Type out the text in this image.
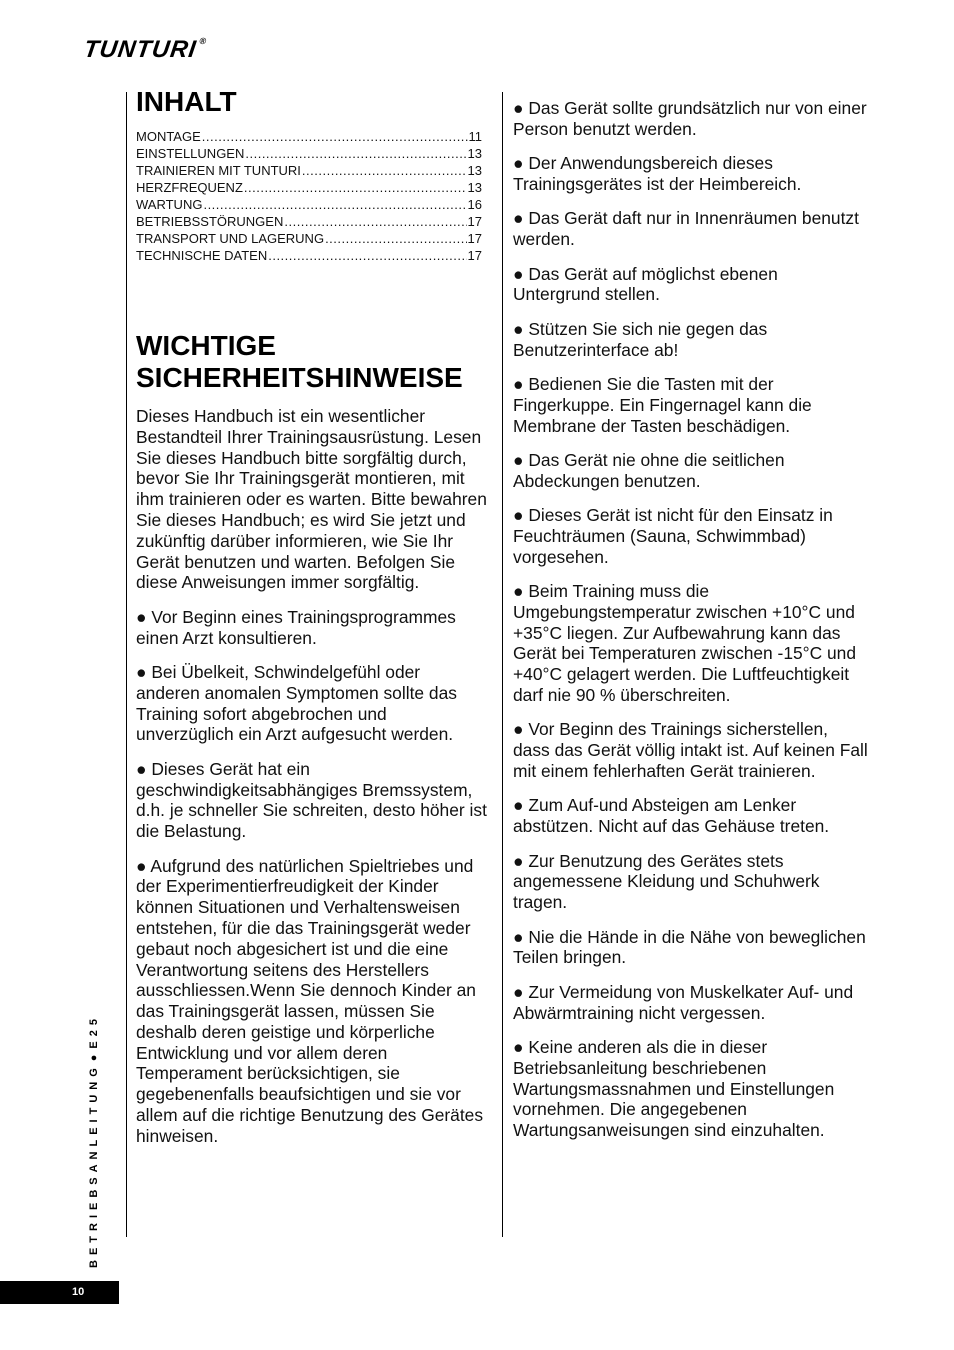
TUNTURI®
INHALT
MONTAGE .....	11
EINSTELLUNGEN .....	13
TRAINIEREN MIT TUNTURI .....	13
HERZFREQUENZ .....	13
WARTUNG .....	16
BETRIEBSSTÖRUNGEN .....	17
TRANSPORT UND LAGERUNG .....	17
TECHNISCHE DATEN .....	17
WICHTIGE
SICHERHEITSHINWEISE

Dieses Handbuch ist ein wesentlicher Bestandteil Ihrer Trainingsausrüstung. Lesen Sie dieses Handbuch bitte sorgfältig durch, bevor Sie Ihr Trainingsgerät montieren, mit ihm trainieren oder es warten. Bitte bewahren Sie dieses Handbuch; es wird Sie jetzt und zukünftig darüber informieren, wie Sie Ihr Gerät benutzen und warten. Befolgen Sie diese Anweisungen immer sorgfältig.

● Vor Beginn eines Trainingsprogrammes einen Arzt konsultieren.

● Bei Übelkeit, Schwindelgefühl oder anderen anomalen Symptomen sollte das Training sofort abgebrochen und unverzüglich ein Arzt aufgesucht werden.

● Dieses Gerät hat ein geschwindigkeitsabhängiges Bremssystem, d.h. je schneller Sie schreiten, desto höher ist die Belastung.

● Aufgrund des natürlichen Spieltriebes und der Experimentierfreudigkeit der Kinder können Situationen und Verhaltensweisen entstehen, für die das Trainingsgerät weder gebaut noch abgesichert ist und die eine Verantwortung seitens des Herstellers ausschliessen.Wenn Sie dennoch Kinder an das Trainingsgerät lassen, müssen Sie deshalb deren geistige und körperliche Entwicklung und vor allem deren Temperament berücksichtigen, sie gegebenenfalls beaufsichtigen und sie vor allem auf die richtige Benutzung des Gerätes hinweisen.

● Das Gerät sollte grundsätzlich nur von einer Person benutzt werden.

● Der Anwendungsbereich dieses Trainingsgerätes ist der Heimbereich.

● Das Gerät daft nur in Innenräumen benutzt werden.

● Das Gerät auf möglichst ebenen Untergrund stellen.

● Stützen Sie sich nie gegen das Benutzerinterface ab!

● Bedienen Sie die Tasten mit der Fingerkuppe. Ein Fingernagel kann die Membrane der Tasten beschädigen.

● Das Gerät nie ohne die seitlichen Abdeckungen benutzen.

● Dieses Gerät ist nicht für den Einsatz in Feuchträumen (Sauna, Schwimmbad) vorgesehen.

● Beim Training muss die Umgebungstemperatur zwischen +10°C und +35°C liegen. Zur Aufbewahrung kann das Gerät bei Temperaturen zwischen -15°C und +40°C gelagert werden. Die Luftfeuchtigkeit darf nie 90 % überschreiten.

● Vor Beginn des Trainings sicherstellen, dass das Gerät völlig intakt ist. Auf keinen Fall mit einem fehlerhaften Gerät trainieren.

● Zum Auf-und Absteigen am Lenker abstützen. Nicht auf das Gehäuse treten.

● Zur Benutzung des Gerätes stets angemessene Kleidung und Schuhwerk tragen.

● Nie die Hände in die Nähe von beweglichen Teilen bringen.

● Zur Vermeidung von Muskelkater Auf- und Abwärmtraining nicht vergessen.

● Keine anderen als die in dieser Betriebsanleitung beschriebenen Wartungsmassnahmen und Einstellungen vornehmen. Die angegebenen Wartungsanweisungen sind einzuhalten.

BETRIEBSANLEITUNG●E25
10
